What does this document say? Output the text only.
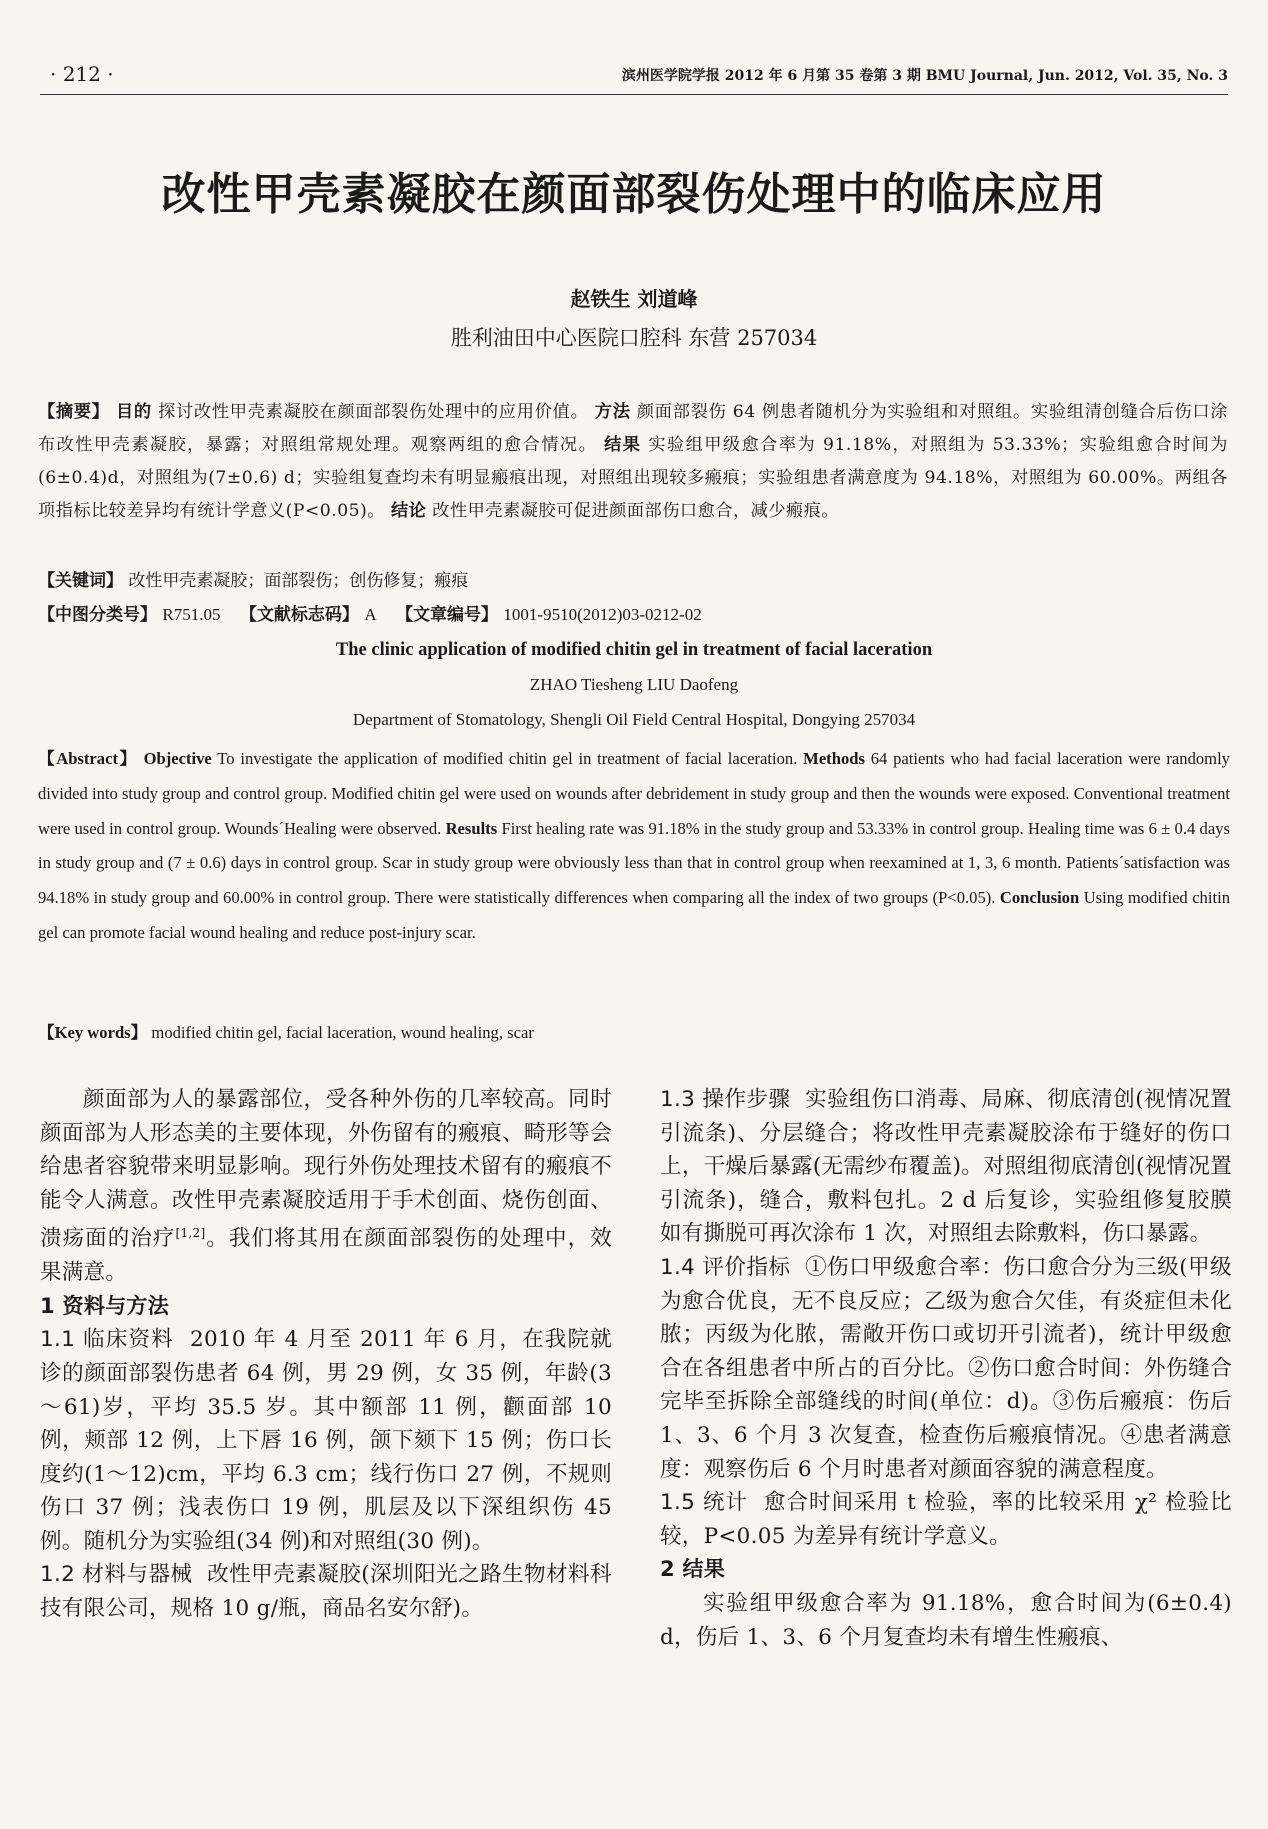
· 212 ·	滨州医学院学报 2012 年 6 月第 35 卷第 3 期 BMU Journal, Jun. 2012, Vol. 35, No. 3
改性甲壳素凝胶在颜面部裂伤处理中的临床应用
赵铁生 刘道峰
胜利油田中心医院口腔科 东营 257034
【摘要】 目的 探讨改性甲壳素凝胶在颜面部裂伤处理中的应用价值。 方法 颜面部裂伤 64 例患者随机分为实验组和对照组。实验组清创缝合后伤口涂布改性甲壳素凝胶，暴露；对照组常规处理。观察两组的愈合情况。 结果 实验组甲级愈合率为 91.18%，对照组为 53.33%；实验组愈合时间为(6±0.4)d，对照组为(7±0.6) d；实验组复查均未有明显瘢痕出现，对照组出现较多瘢痕；实验组患者满意度为 94.18%，对照组为 60.00%。两组各项指标比较差异均有统计学意义(P<0.05)。 结论 改性甲壳素凝胶可促进颜面部伤口愈合，减少瘢痕。
【关键词】 改性甲壳素凝胶；面部裂伤；创伤修复；瘢痕
【中图分类号】 R751.05 【文献标志码】 A 【文章编号】 1001-9510(2012)03-0212-02
The clinic application of modified chitin gel in treatment of facial laceration
ZHAO Tiesheng LIU Daofeng
Department of Stomatology, Shengli Oil Field Central Hospital, Dongying 257034
【Abstract】 Objective To investigate the application of modified chitin gel in treatment of facial laceration. Methods 64 patients who had facial laceration were randomly divided into study group and control group. Modified chitin gel were used on wounds after debridement in study group and then the wounds were exposed. Conventional treatment were used in control group. Wounds´Healing were observed. Results First healing rate was 91.18% in the study group and 53.33% in control group. Healing time was 6 ± 0.4 days in study group and (7 ± 0.6) days in control group. Scar in study group were obviously less than that in control group when reexamined at 1, 3, 6 month. Patients´satisfaction was 94.18% in study group and 60.00% in control group. There were statistically differences when comparing all the index of two groups (P<0.05). Conclusion Using modified chitin gel can promote facial wound healing and reduce post-injury scar.
【Key words】 modified chitin gel, facial laceration, wound healing, scar

颜面部为人的暴露部位，受各种外伤的几率较高。同时颜面部为人形态美的主要体现，外伤留有的瘢痕、畸形等会给患者容貌带来明显影响。现行外伤处理技术留有的瘢痕不能令人满意。改性甲壳素凝胶适用于手术创面、烧伤创面、溃疡面的治疗[1,2]。我们将其用在颜面部裂伤的处理中，效果满意。

1 资料与方法

1.1 临床资料 2010 年 4 月至 2011 年 6 月，在我院就诊的颜面部裂伤患者 64 例，男 29 例，女 35 例，年龄(3～61)岁，平均 35.5 岁。其中额部 11 例，颧面部 10 例，颊部 12 例，上下唇 16 例，颌下颏下 15 例；伤口长度约(1～12)cm，平均 6.3 cm；线行伤口 27 例，不规则伤口 37 例；浅表伤口 19 例，肌层及以下深组织伤 45 例。随机分为实验组(34 例)和对照组(30 例)。

1.2 材料与器械 改性甲壳素凝胶(深圳阳光之路生物材料科技有限公司，规格 10 g/瓶，商品名安尔舒)。

1.3 操作步骤 实验组伤口消毒、局麻、彻底清创(视情况置引流条)、分层缝合；将改性甲壳素凝胶涂布于缝好的伤口上，干燥后暴露(无需纱布覆盖)。对照组彻底清创(视情况置引流条)，缝合，敷料包扎。2 d 后复诊，实验组修复胶膜如有撕脱可再次涂布 1 次，对照组去除敷料，伤口暴露。

1.4 评价指标 ①伤口甲级愈合率：伤口愈合分为三级(甲级为愈合优良，无不良反应；乙级为愈合欠佳，有炎症但未化脓；丙级为化脓，需敞开伤口或切开引流者)，统计甲级愈合在各组患者中所占的百分比。②伤口愈合时间：外伤缝合完毕至拆除全部缝线的时间(单位：d)。③伤后瘢痕：伤后 1、3、6 个月 3 次复查，检查伤后瘢痕情况。④患者满意度：观察伤后 6 个月时患者对颜面容貌的满意程度。

1.5 统计 愈合时间采用 t 检验，率的比较采用 χ² 检验比较，P<0.05 为差异有统计学意义。

2 结果

实验组甲级愈合率为 91.18%，愈合时间为(6±0.4) d，伤后 1、3、6 个月复查均未有增生性瘢痕、
